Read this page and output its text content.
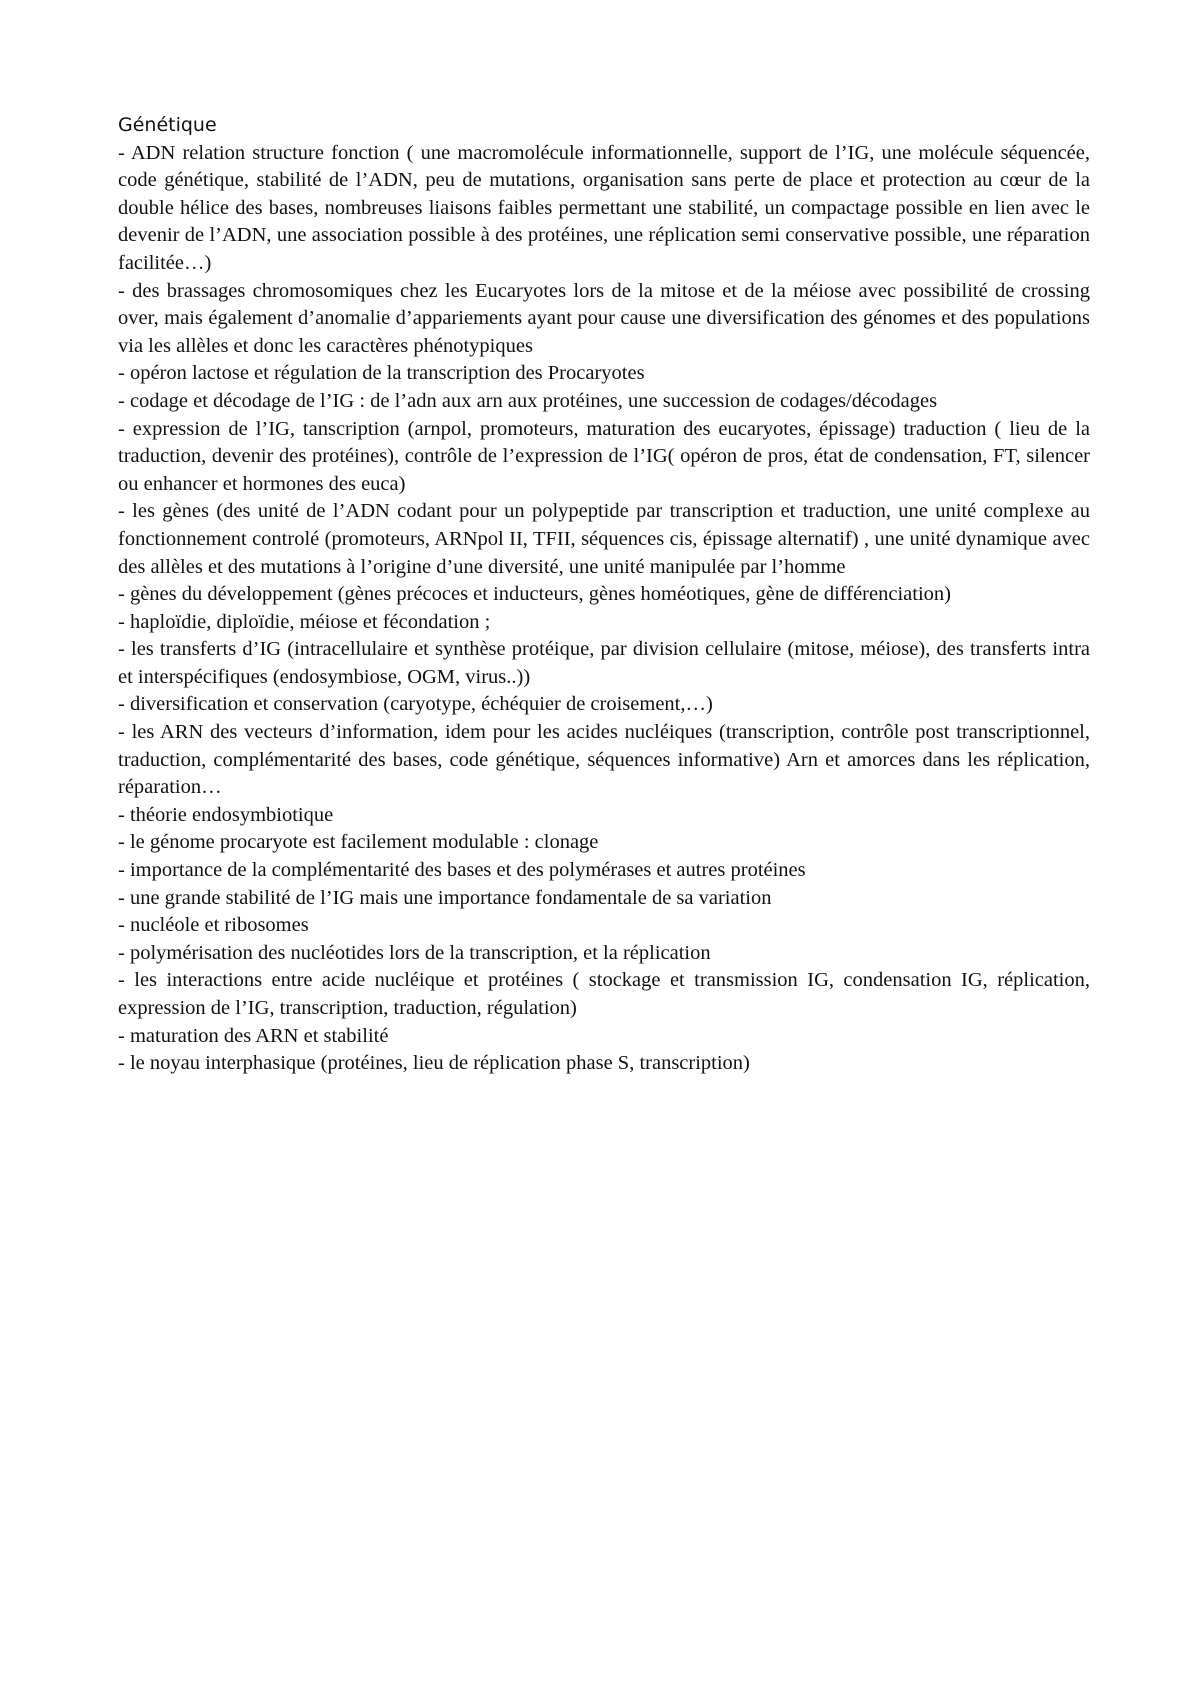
Génétique
- ADN relation structure fonction ( une macromolécule informationnelle, support de l’IG, une molécule séquencée, code génétique, stabilité de l’ADN, peu de mutations, organisation sans perte de place et protection au cœur de la double hélice des bases, nombreuses liaisons faibles permettant une stabilité, un compactage possible en lien avec le devenir de l’ADN, une association possible à des protéines, une réplication semi conservative possible, une réparation facilitée…)
- des brassages chromosomiques chez les Eucaryotes lors de la mitose et de la méiose avec possibilité de crossing over, mais également d’anomalie d’appariements ayant pour cause une diversification des génomes et des populations via les allèles et donc les caractères phénotypiques
- opéron lactose et régulation de la transcription des Procaryotes
- codage et décodage de l’IG : de l’adn aux arn aux protéines, une succession de codages/décodages
- expression de l’IG, tanscription (arnpol, promoteurs, maturation des eucaryotes, épissage) traduction ( lieu de la traduction, devenir des protéines), contrôle de l’expression de l’IG( opéron de pros, état de condensation, FT, silencer ou enhancer et hormones des euca)
- les gènes (des unité de l’ADN codant pour un polypeptide par transcription et traduction, une unité complexe au fonctionnement controlé (promoteurs, ARNpol II, TFII, séquences cis, épissage alternatif) , une unité dynamique avec des allèles et des mutations à l’origine d’une diversité, une unité manipulée par l’homme
- gènes du développement (gènes précoces et inducteurs, gènes homéotiques, gène de différenciation)
- haploïdie, diploïdie, méiose et fécondation ;
- les transferts d’IG (intracellulaire et synthèse protéique, par division cellulaire (mitose, méiose), des transferts intra et interspécifiques (endosymbiose, OGM, virus..))
- diversification et conservation (caryotype, échéquier de croisement,…)
- les ARN des vecteurs d’information, idem pour les acides nucléiques (transcription, contrôle post transcriptionnel, traduction, complémentarité des bases, code génétique, séquences informative) Arn et amorces dans les réplication, réparation…
- théorie endosymbiotique
- le génome procaryote est facilement modulable : clonage
- importance de la complémentarité des bases et des polymérases et autres protéines
- une grande stabilité de l’IG mais une importance fondamentale de sa variation
- nucléole et ribosomes
- polymérisation des nucléotides lors de la transcription, et la réplication
- les interactions entre acide nucléique et protéines ( stockage et transmission IG, condensation IG, réplication, expression de l’IG, transcription, traduction, régulation)
- maturation des ARN et stabilité
- le noyau interphasique (protéines, lieu de réplication phase S, transcription)
